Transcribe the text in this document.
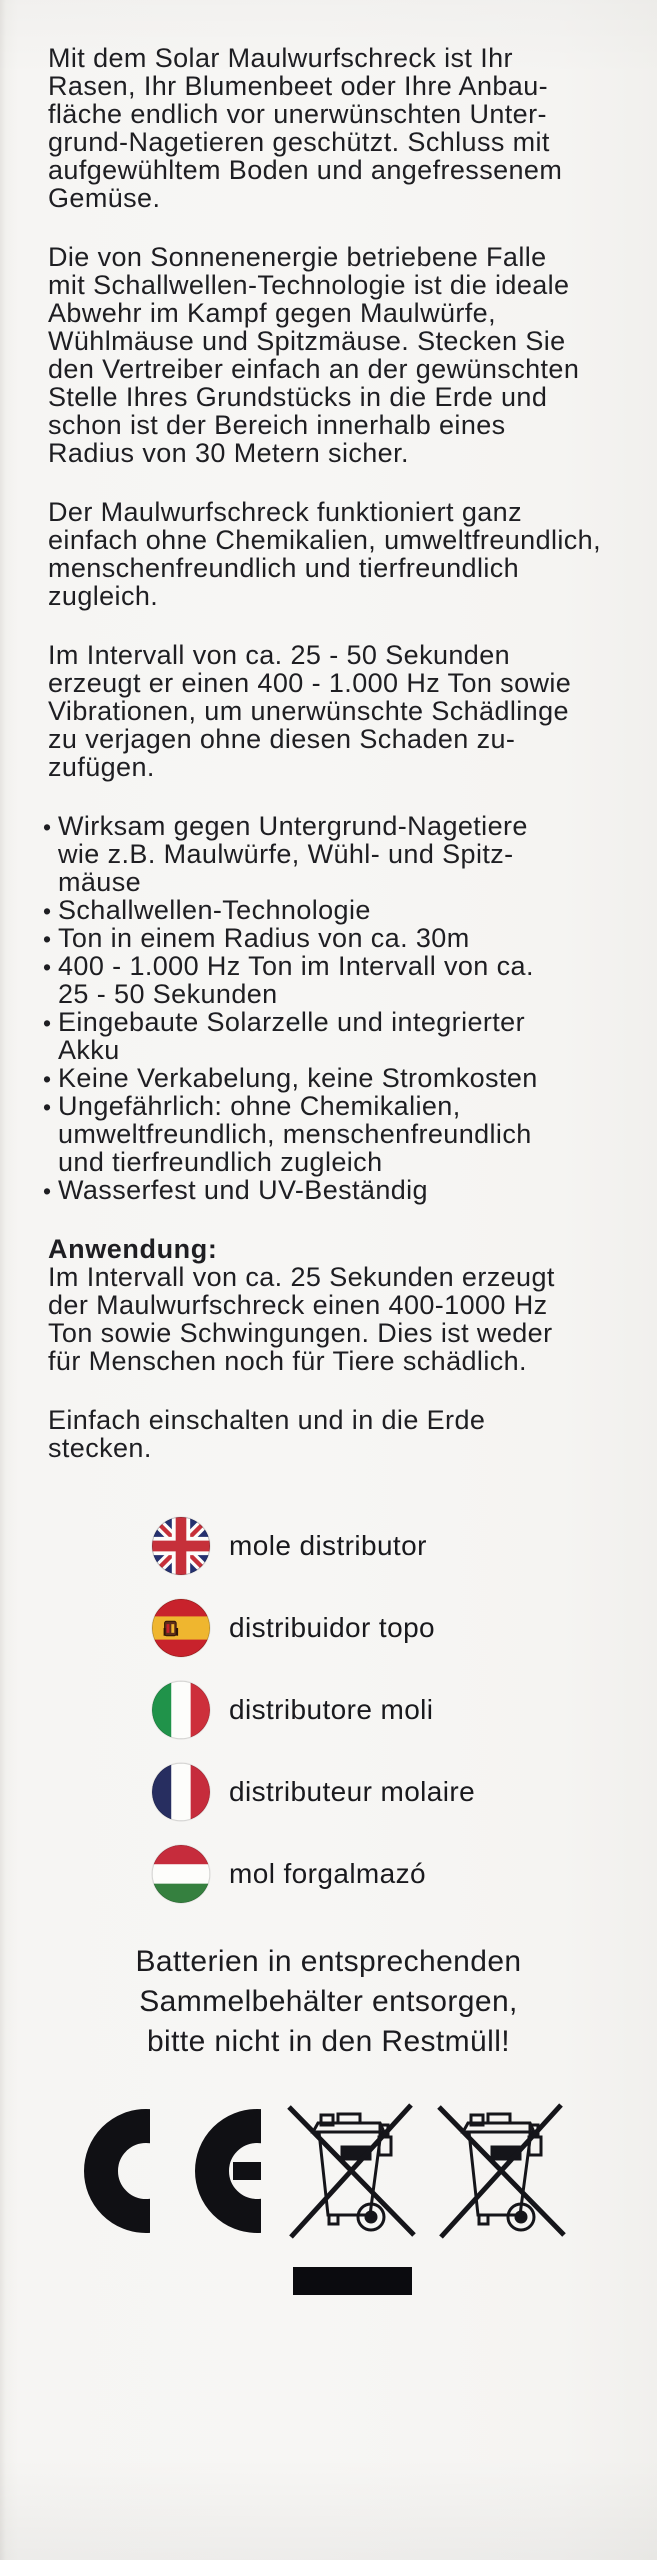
Mit dem Solar Maulwurfschreck ist Ihr
Rasen, Ihr Blumenbeet oder Ihre Anbau-
fläche endlich vor unerwünschten Unter-
grund-Nagetieren geschützt. Schluss mit
aufgewühltem Boden und angefressenem
Gemüse.
Die von Sonnenenergie betriebene Falle
mit Schallwellen-Technologie ist die ideale
Abwehr im Kampf gegen Maulwürfe,
Wühlmäuse und Spitzmäuse. Stecken Sie
den Vertreiber einfach an der gewünschten
Stelle Ihres Grundstücks in die Erde und
schon ist der Bereich innerhalb eines
Radius von 30 Metern sicher.
Der Maulwurfschreck funktioniert ganz
einfach ohne Chemikalien, umweltfreundlich,
menschenfreundlich und tierfreundlich
zugleich.
Im Intervall von ca. 25 - 50 Sekunden
erzeugt er einen 400 - 1.000 Hz Ton sowie
Vibrationen, um unerwünschte Schädlinge
zu verjagen ohne diesen Schaden zu-
zufügen.
• Wirksam gegen Untergrund-Nagetiere
wie z.B. Maulwürfe, Wühl- und Spitz-
mäuse
• Schallwellen-Technologie
• Ton in einem Radius von ca. 30m
• 400 - 1.000 Hz Ton im Intervall von ca.
25 - 50 Sekunden
• Eingebaute Solarzelle und integrierter
Akku
• Keine Verkabelung, keine Stromkosten
• Ungefährlich: ohne Chemikalien,
umweltfreundlich, menschenfreundlich
und tierfreundlich zugleich
• Wasserfest und UV-Beständig
Anwendung:
Im Intervall von ca. 25 Sekunden erzeugt
der Maulwurfschreck einen 400-1000 Hz
Ton sowie Schwingungen. Dies ist weder
für Menschen noch für Tiere schädlich.
Einfach einschalten und in die Erde
stecken.
mole distributor
distribuidor topo
distributore moli
distributeur molaire
mol forgalmazó
Batterien in entsprechenden
Sammelbehälter entsorgen,
bitte nicht in den Restmüll!
